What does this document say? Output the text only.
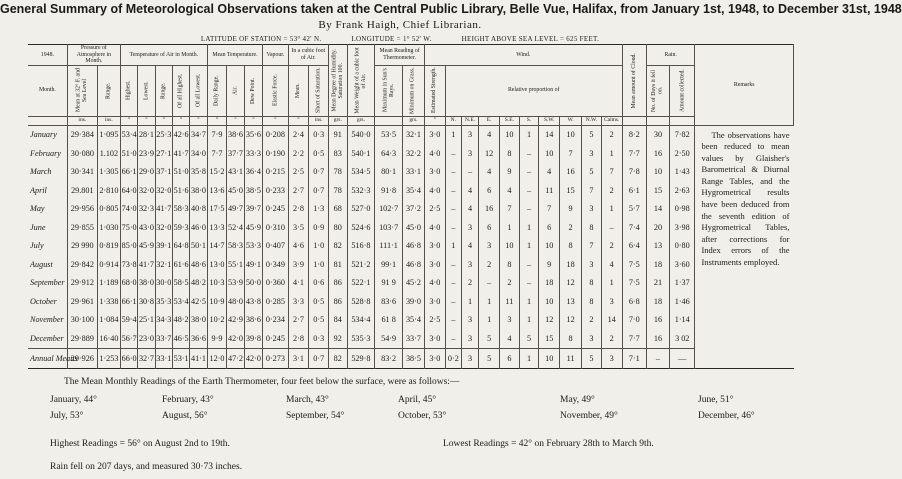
General Summary of Meteorological Observations taken at the Central Public Library, Belle Vue, Halifax, from January 1st, 1948, to December 31st, 1948
By Frank Haigh, Chief Librarian.
LATITUDE OF STATION = 53° 42′ N.	LONGITUDE = 1° 52′ W.	HEIGHT ABOVE SEA LEVEL = 625 FEET.
1948.	Pressure of Atmosphere in Month.		Temperature of Air in Month.					Mean Temperature.			Vapour.	In a cubic foot of Air.		Mean Degree of Humidity. Saturation 100.	Mean Weight of a cubic foot of Air.	Mean Reading of Thermometer.		Wind.										Mean amount of Cloud.	Rain.		Remarks
Month.	Mean at 32° F. and Sea Level	Range.	Highest.	Lowest.	Range.	Of all Highest.	Of all Lowest.	Daily Range.	Air.	Dew Point.	Elastic Force.	Mean.	Short of Saturation.			Maximum in Sun's Rays.	Minimum on Grass.	Estimated Strength.	Relative proportion of										No. of Days it fell on.	Amount collected.	
	ins.	ins.	°	°	°	°	°	°	°	°	°	°	ins.	grs.	grs.		grs.	°	N.	N.E.	E.	S.E.	S.	S.W.	W.	N.W.	Calms.				
January	29·384	1·095	53·4	28·1	25·3	42·6	34·7	7·9	38·6	35·6	0·208	2·4	0·3	91	540·0	53·5	32·1	3·0	1	3	4	10	1	14	10	5	2	8·2	30	7·82	The observations have been reduced to mean values by Glaisher's Barometrical & Diurnal Range Tables, and the Hygrometrical results have been deduced from the seventh edition of Hygrometrical Tables, after corrections for Index errors of the Instruments employed.

February	30·080	1.102	51·0	23·9	27·1	41·7	34·0	7·7	37·7	33·3	0·190	2·2	0·5	83	540·1	64·3	32·2	4·0	–	3	12	8	–	10	7	3	1	7·7	16	2·50	
March	30·341	1·305	66·1	29·0	37·1	51·0	35·8	15·2	43·1	36·4	0·215	2·5	0·7	78	534·5	80·1	33·1	3·0	–	–	4	9	–	4	16	5	7	7·8	10	1·43	
April	29.801	2·810	64·0	32·0	32·0	51·6	38·0	13·6	45·0	38·5	0·233	2·7	0·7	78	532·3	91·8	35·4	4·0	–	4	6	4	–	11	15	7	2	6·1	15	2·63	
May	29·956	0·805	74·0	32·3	41·7	58·3	40·8	17·5	49·7	39·7	0·245	2·8	1·3	68	527·0	102·7	37·2	2·5	–	4	16	7	–	7	9	3	1	5·7	14	0·98	
June	29·855	1·030	75·0	43·0	32·0	59·3	46·0	13·3	52·4	45·9	0·310	3·5	0·9	80	524·6	103·7	45·0	4·0	–	3	6	1	1	6	2	8	–	7·4	20	3·98	
July	29 990	0·819	85·0	45·9	39·1	64·8	50·1	14·7	58·3	53·3	0·407	4·6	1·0	82	516·8	111·1	46·8	3·0	1	4	3	10	1	10	8	7	2	6·4	13	0·80	
August	29·842	0·914	73·8	41·7	32·1	61·6	48·6	13·0	55·1	49·1	0·349	3·9	1·0	81	521·2	99·1	46·8	3·0	–	3	2	8	–	9	18	3	4	7·5	18	3·60	
September	29·912	1·189	68·0	38·0	30·0	58·5	48·2	10·3	53·9	50·0	0·360	4·1	0·6	86	522·1	91 9	45·2	4·0	–	2	–	2	–	18	12	8	1	7·5	21	1·37	
October	29·961	1·338	66·1	30·8	35·3	53·4	42·5	10·9	48·0	43·8	0·285	3·3	0·5	86	528·8	83·6	39·0	3·0	–	1	1	11	1	10	13	8	3	6·8	18	1·46	
November	30·100	1·084	59·4	25·1	34·3	48·2	38·0	10·2	42·9	38·6	0·234	2·7	0·5	84	534·4	61 8	35·4	2·5	–	3	1	3	1	12	12	2	14	7·0	16	1·14	
December	29·889	16·40	56·7	23·0	33·7	46·5	36·6	9·9	42·0	39·8	0·245	2·8	0·3	92	535·3	54·9	33·7	3·0	–	3	5	4	5	15	8	3	2	7·7	16	3 02	
Annual Means	29·926	1·253	66·0	32·7	33·1	53·1	41·1	12·0	47·2	42·0	0·273	3·1	0·7	82	529·8	83·2	38·5	3·0	0·2	3	5	6	1	10	11	5	3	7·1	–	—	
The Mean Monthly Readings of the Earth Thermometer, four feet below the surface, were as follows:—
January, 44°	February, 43°	March, 43°	April, 45°	May, 49°	June, 51°
July, 53°	August, 56°	September, 54°	October, 53°	November, 49°	December, 46°
Highest Readings = 56° on August 2nd to 19th.	Lowest Readings = 42° on February 28th to March 9th.
Rain fell on 207 days, and measured 30·73 inches.
